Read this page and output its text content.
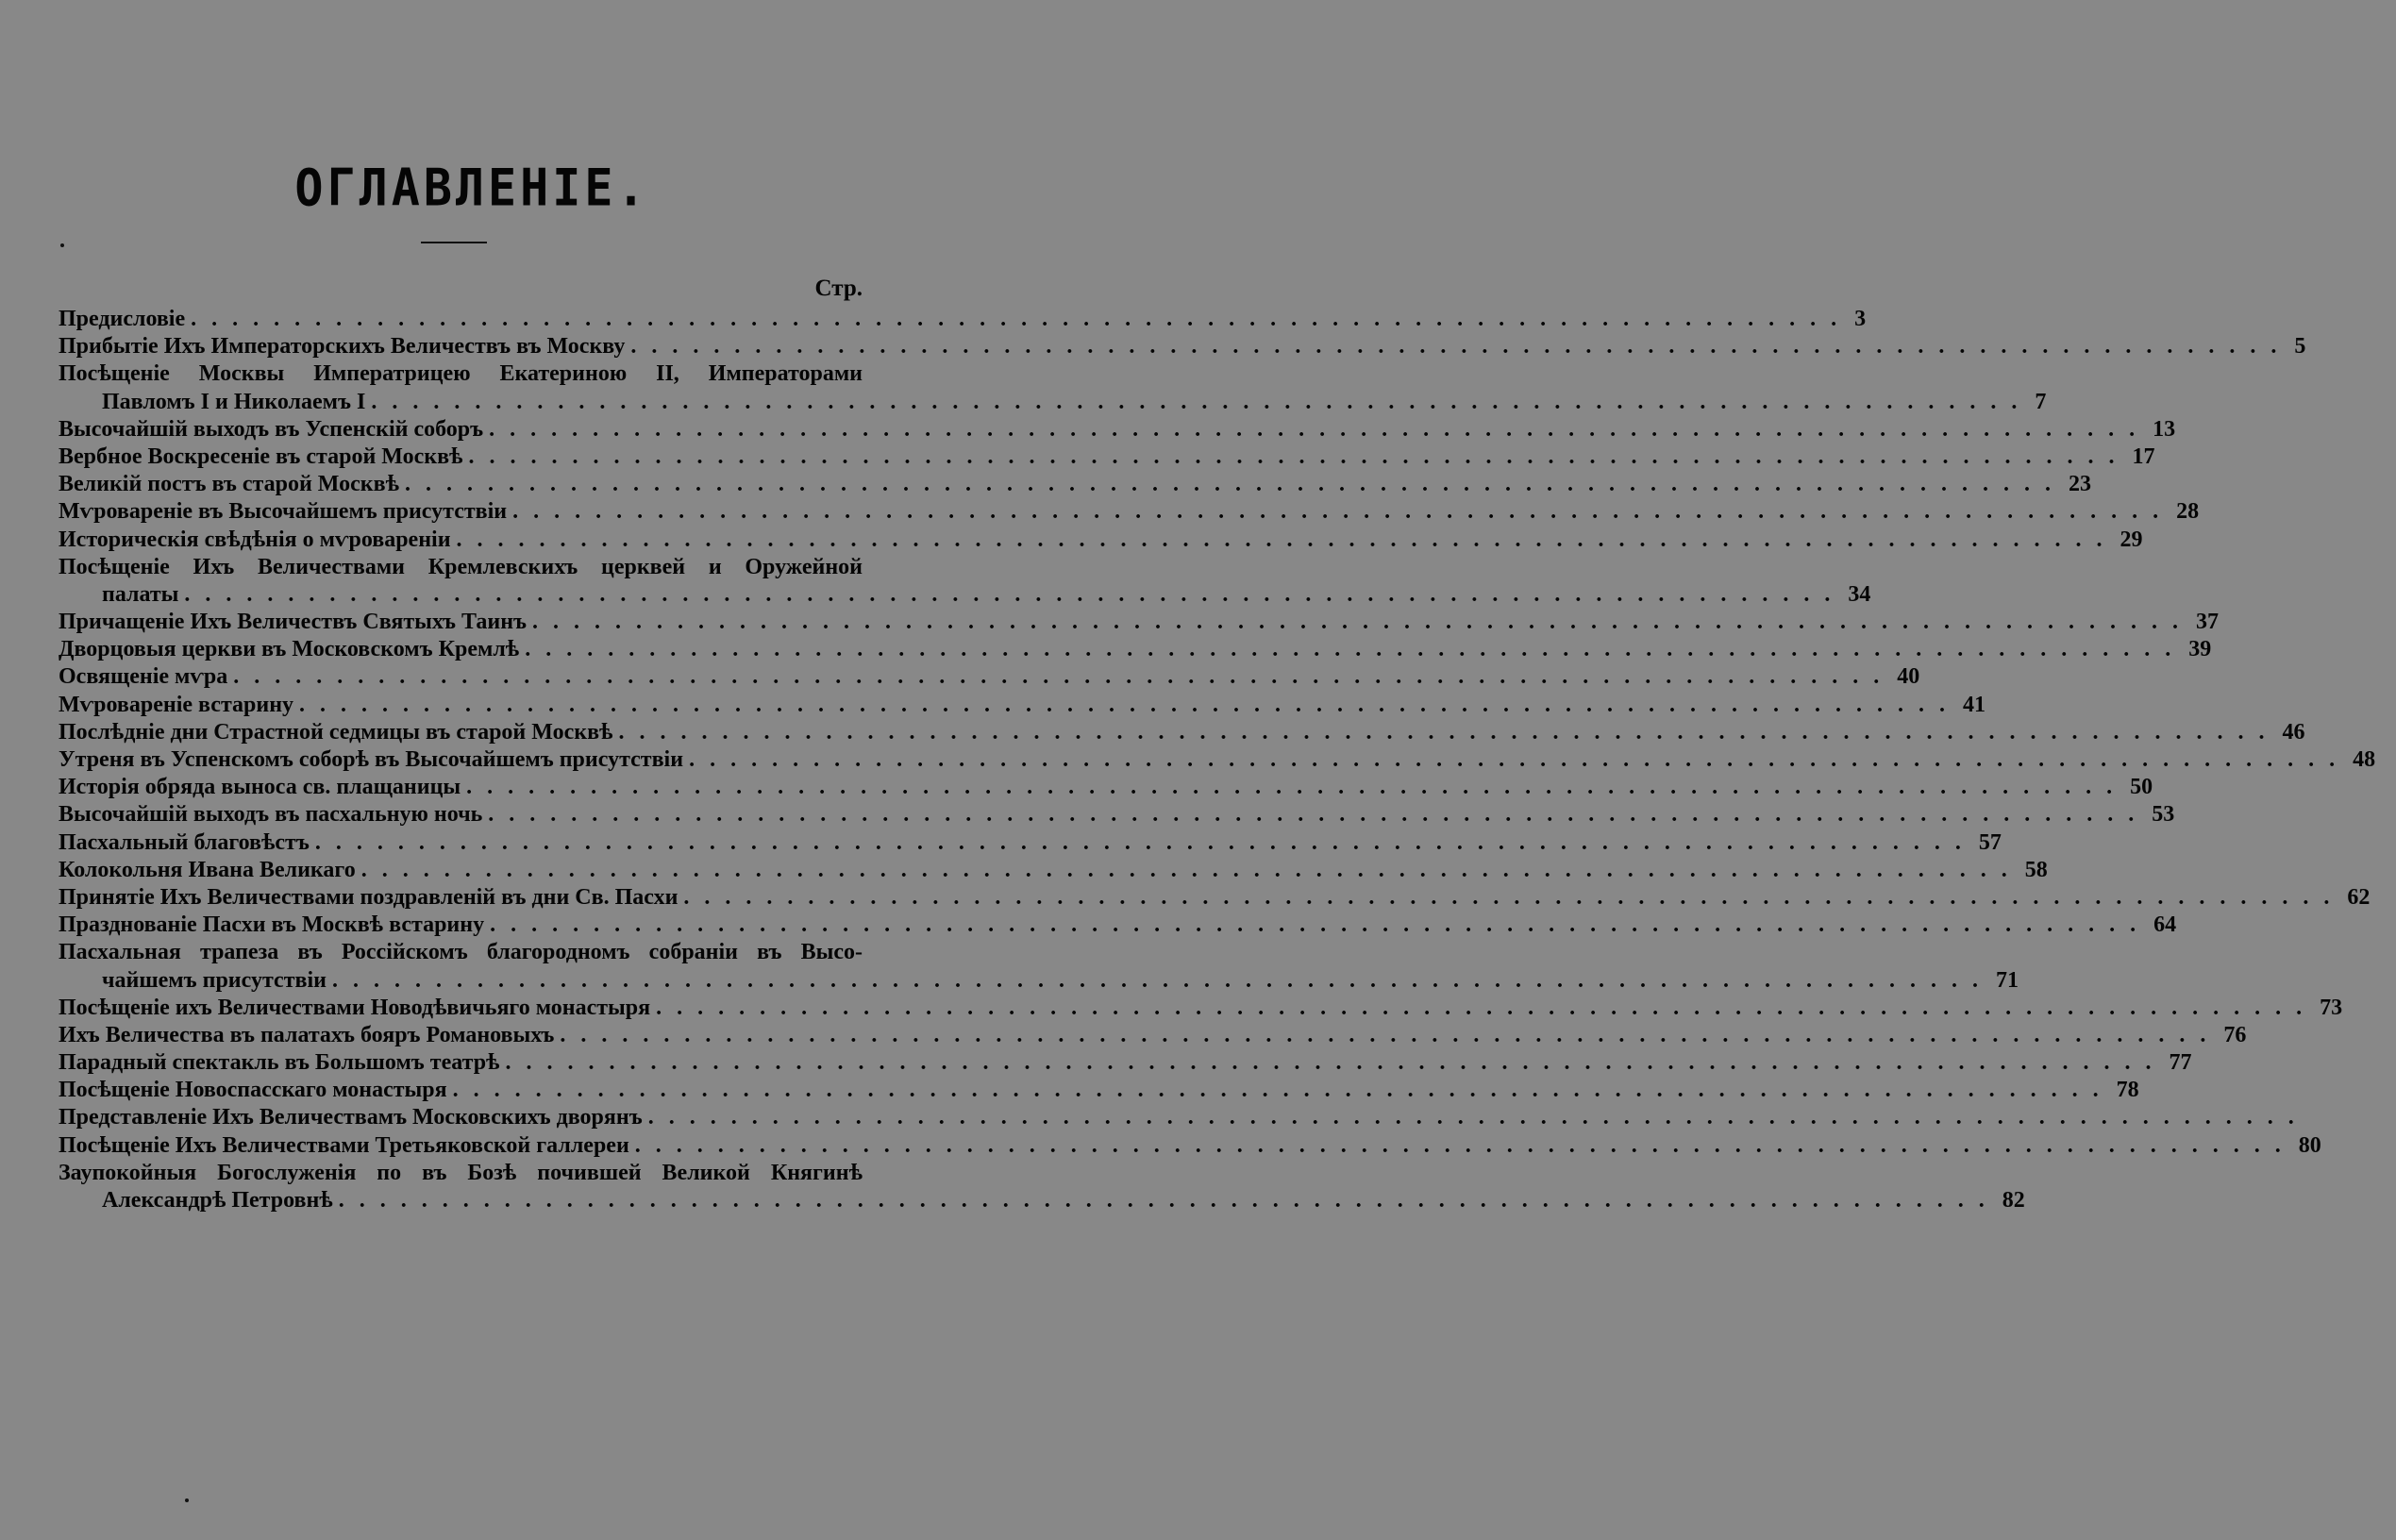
ОГЛАВЛЕНІЕ.
Стр.
Предисловіе . . . . . . . . . . . . . . . . . . . . . . . . . . . . . . . . . . . . . . . . . . . . . . . . . . . . . . . . . . . . . . . . . . . . . . . . . . . . . . . . 3
Прибытіе Ихъ Императорскихъ Величествъ въ Москву . . . . . . . . . . . . . . . . . . . . . . . . . . . . . . . . . . . . . . . . . . . . . . . . . . . . . . . . . . . . . . . . . . . . . . . . . . . . . . . . 5
Посѣщеніе Москвы Императрицею Екатериною II, Императорами
Павломъ I и Николаемъ I . . . . . . . . . . . . . . . . . . . . . . . . . . . . . . . . . . . . . . . . . . . . . . . . . . . . . . . . . . . . . . . . . . . . . . . . . . . . . . . . 7
Высочайшій выходъ въ Успенскій соборъ . . . . . . . . . . . . . . . . . . . . . . . . . . . . . . . . . . . . . . . . . . . . . . . . . . . . . . . . . . . . . . . . . . . . . . . . . . . . . . . . 13
Вербное Воскресеніе въ старой Москвѣ . . . . . . . . . . . . . . . . . . . . . . . . . . . . . . . . . . . . . . . . . . . . . . . . . . . . . . . . . . . . . . . . . . . . . . . . . . . . . . . . 17
Великій постъ въ старой Москвѣ . . . . . . . . . . . . . . . . . . . . . . . . . . . . . . . . . . . . . . . . . . . . . . . . . . . . . . . . . . . . . . . . . . . . . . . . . . . . . . . . 23
Мѵровареніе въ Высочайшемъ присутствіи . . . . . . . . . . . . . . . . . . . . . . . . . . . . . . . . . . . . . . . . . . . . . . . . . . . . . . . . . . . . . . . . . . . . . . . . . . . . . . . . 28
Историческія свѣдѣнія о мѵровареніи . . . . . . . . . . . . . . . . . . . . . . . . . . . . . . . . . . . . . . . . . . . . . . . . . . . . . . . . . . . . . . . . . . . . . . . . . . . . . . . . 29
Посѣщеніе Ихъ Величествами Кремлевскихъ церквей и Оружейной
палаты . . . . . . . . . . . . . . . . . . . . . . . . . . . . . . . . . . . . . . . . . . . . . . . . . . . . . . . . . . . . . . . . . . . . . . . . . . . . . . . . 34
Причащеніе Ихъ Величествъ Святыхъ Таинъ . . . . . . . . . . . . . . . . . . . . . . . . . . . . . . . . . . . . . . . . . . . . . . . . . . . . . . . . . . . . . . . . . . . . . . . . . . . . . . . . 37
Дворцовыя церкви въ Московскомъ Кремлѣ . . . . . . . . . . . . . . . . . . . . . . . . . . . . . . . . . . . . . . . . . . . . . . . . . . . . . . . . . . . . . . . . . . . . . . . . . . . . . . . . 39
Освященіе мѵра . . . . . . . . . . . . . . . . . . . . . . . . . . . . . . . . . . . . . . . . . . . . . . . . . . . . . . . . . . . . . . . . . . . . . . . . . . . . . . . . 40
Мѵровареніе встарину . . . . . . . . . . . . . . . . . . . . . . . . . . . . . . . . . . . . . . . . . . . . . . . . . . . . . . . . . . . . . . . . . . . . . . . . . . . . . . . . 41
Послѣдніе дни Страстной седмицы въ старой Москвѣ . . . . . . . . . . . . . . . . . . . . . . . . . . . . . . . . . . . . . . . . . . . . . . . . . . . . . . . . . . . . . . . . . . . . . . . . . . . . . . . . 46
Утреня въ Успенскомъ соборѣ въ Высочайшемъ присутствіи . . . . . . . . . . . . . . . . . . . . . . . . . . . . . . . . . . . . . . . . . . . . . . . . . . . . . . . . . . . . . . . . . . . . . . . . . . . . . . . . 48
Исторія обряда выноса св. плащаницы . . . . . . . . . . . . . . . . . . . . . . . . . . . . . . . . . . . . . . . . . . . . . . . . . . . . . . . . . . . . . . . . . . . . . . . . . . . . . . . . 50
Высочайшій выходъ въ пасхальную ночь . . . . . . . . . . . . . . . . . . . . . . . . . . . . . . . . . . . . . . . . . . . . . . . . . . . . . . . . . . . . . . . . . . . . . . . . . . . . . . . . 53
Пасхальный благовѣстъ . . . . . . . . . . . . . . . . . . . . . . . . . . . . . . . . . . . . . . . . . . . . . . . . . . . . . . . . . . . . . . . . . . . . . . . . . . . . . . . . 57
Колокольня Ивана Великаго . . . . . . . . . . . . . . . . . . . . . . . . . . . . . . . . . . . . . . . . . . . . . . . . . . . . . . . . . . . . . . . . . . . . . . . . . . . . . . . . 58
Принятіе Ихъ Величествами поздравленій въ дни Св. Пасхи . . . . . . . . . . . . . . . . . . . . . . . . . . . . . . . . . . . . . . . . . . . . . . . . . . . . . . . . . . . . . . . . . . . . . . . . . . . . . . . . 62
Празднованіе Пасхи въ Москвѣ встарину . . . . . . . . . . . . . . . . . . . . . . . . . . . . . . . . . . . . . . . . . . . . . . . . . . . . . . . . . . . . . . . . . . . . . . . . . . . . . . . . 64
Пасхальная трапеза въ Россійскомъ благородномъ собраніи въ Высо-
чайшемъ присутствіи . . . . . . . . . . . . . . . . . . . . . . . . . . . . . . . . . . . . . . . . . . . . . . . . . . . . . . . . . . . . . . . . . . . . . . . . . . . . . . . . 71
Посѣщеніе ихъ Величествами Новодѣвичьяго монастыря . . . . . . . . . . . . . . . . . . . . . . . . . . . . . . . . . . . . . . . . . . . . . . . . . . . . . . . . . . . . . . . . . . . . . . . . . . . . . . . . 73
Ихъ Величества въ палатахъ бояръ Романовыхъ . . . . . . . . . . . . . . . . . . . . . . . . . . . . . . . . . . . . . . . . . . . . . . . . . . . . . . . . . . . . . . . . . . . . . . . . . . . . . . . . 76
Парадный спектакль въ Большомъ театрѣ . . . . . . . . . . . . . . . . . . . . . . . . . . . . . . . . . . . . . . . . . . . . . . . . . . . . . . . . . . . . . . . . . . . . . . . . . . . . . . . . 77
Посѣщеніе Новоспасскаго монастыря . . . . . . . . . . . . . . . . . . . . . . . . . . . . . . . . . . . . . . . . . . . . . . . . . . . . . . . . . . . . . . . . . . . . . . . . . . . . . . . . 78
Представленіе Ихъ Величествамъ Московскихъ дворянъ . . . . . . . . . . . . . . . . . . . . . . . . . . . . . . . . . . . . . . . . . . . . . . . . . . . . . . . . . . . . . . . . . . . . . . . . . . . . . . . .
Посѣщеніе Ихъ Величествами Третьяковской галлереи . . . . . . . . . . . . . . . . . . . . . . . . . . . . . . . . . . . . . . . . . . . . . . . . . . . . . . . . . . . . . . . . . . . . . . . . . . . . . . . . 80
Заупокойныя Богослуженія по въ Бозѣ почившей Великой Княгинѣ
Александрѣ Петровнѣ . . . . . . . . . . . . . . . . . . . . . . . . . . . . . . . . . . . . . . . . . . . . . . . . . . . . . . . . . . . . . . . . . . . . . . . . . . . . . . . . 82
